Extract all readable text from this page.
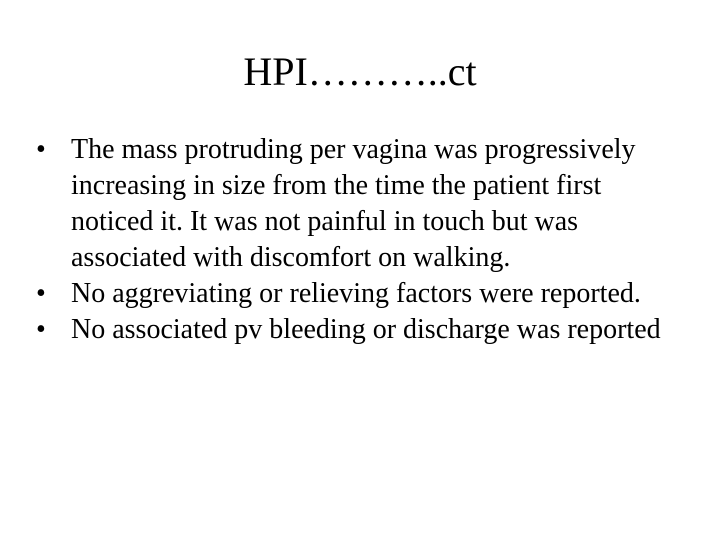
HPI………..ct
• The mass protruding per vagina was progressively increasing in size from the time the patient first noticed it. It was not painful in touch but was associated with discomfort on walking.
• No aggreviating or relieving factors were reported.
• No associated pv bleeding or discharge was reported
